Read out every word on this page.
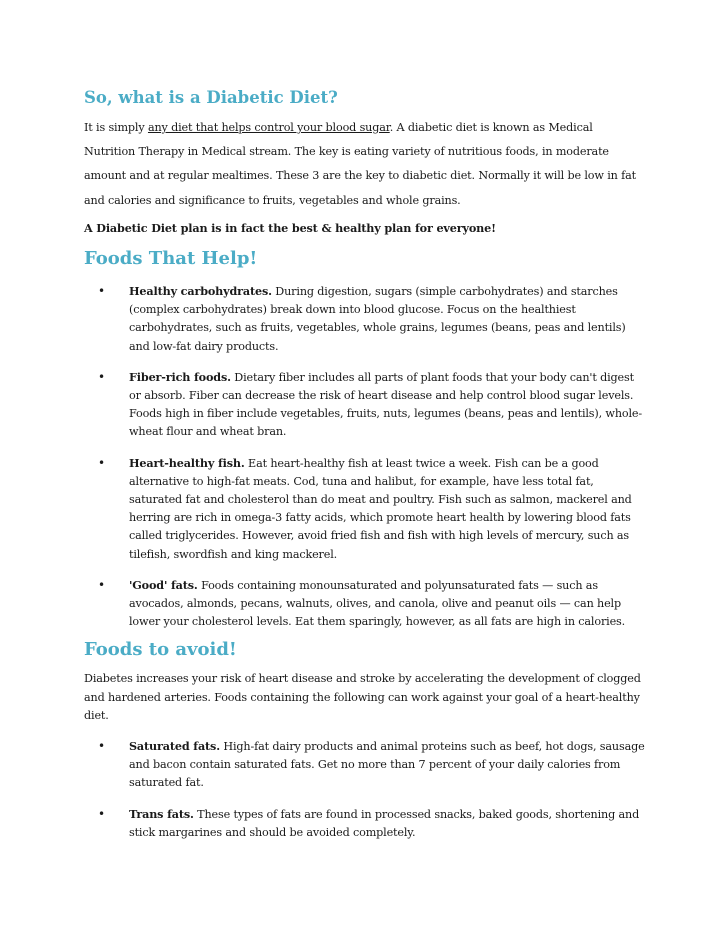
So, what is a Diabetic Diet?

It is simply any diet that helps control your blood sugar. A diabetic diet is known as Medical Nutrition Therapy in Medical stream. The key is eating variety of nutritious foods, in moderate amount and at regular mealtimes. These 3 are the key to diabetic diet. Normally it will be low in fat and calories and significance to fruits, vegetables and whole grains.

A Diabetic Diet plan is in fact the best & healthy plan for everyone!

Foods That Help!
• Healthy carbohydrates. During digestion, sugars (simple carbohydrates) and starches (complex carbohydrates) break down into blood glucose. Focus on the healthiest carbohydrates, such as fruits, vegetables, whole grains, legumes (beans, peas and lentils) and low-fat dairy products.
• Fiber-rich foods. Dietary fiber includes all parts of plant foods that your body can't digest or absorb. Fiber can decrease the risk of heart disease and help control blood sugar levels. Foods high in fiber include vegetables, fruits, nuts, legumes (beans, peas and lentils), whole-wheat flour and wheat bran.
• Heart-healthy fish. Eat heart-healthy fish at least twice a week. Fish can be a good alternative to high-fat meats. Cod, tuna and halibut, for example, have less total fat, saturated fat and cholesterol than do meat and poultry. Fish such as salmon, mackerel and herring are rich in omega-3 fatty acids, which promote heart health by lowering blood fats called triglycerides. However, avoid fried fish and fish with high levels of mercury, such as tilefish, swordfish and king mackerel.
• 'Good' fats. Foods containing monounsaturated and polyunsaturated fats — such as avocados, almonds, pecans, walnuts, olives, and canola, olive and peanut oils — can help lower your cholesterol levels. Eat them sparingly, however, as all fats are high in calories.
Foods to avoid!

Diabetes increases your risk of heart disease and stroke by accelerating the development of clogged and hardened arteries. Foods containing the following can work against your goal of a heart-healthy diet.

• Saturated fats. High-fat dairy products and animal proteins such as beef, hot dogs, sausage and bacon contain saturated fats. Get no more than 7 percent of your daily calories from saturated fat.
• Trans fats. These types of fats are found in processed snacks, baked goods, shortening and stick margarines and should be avoided completely.
